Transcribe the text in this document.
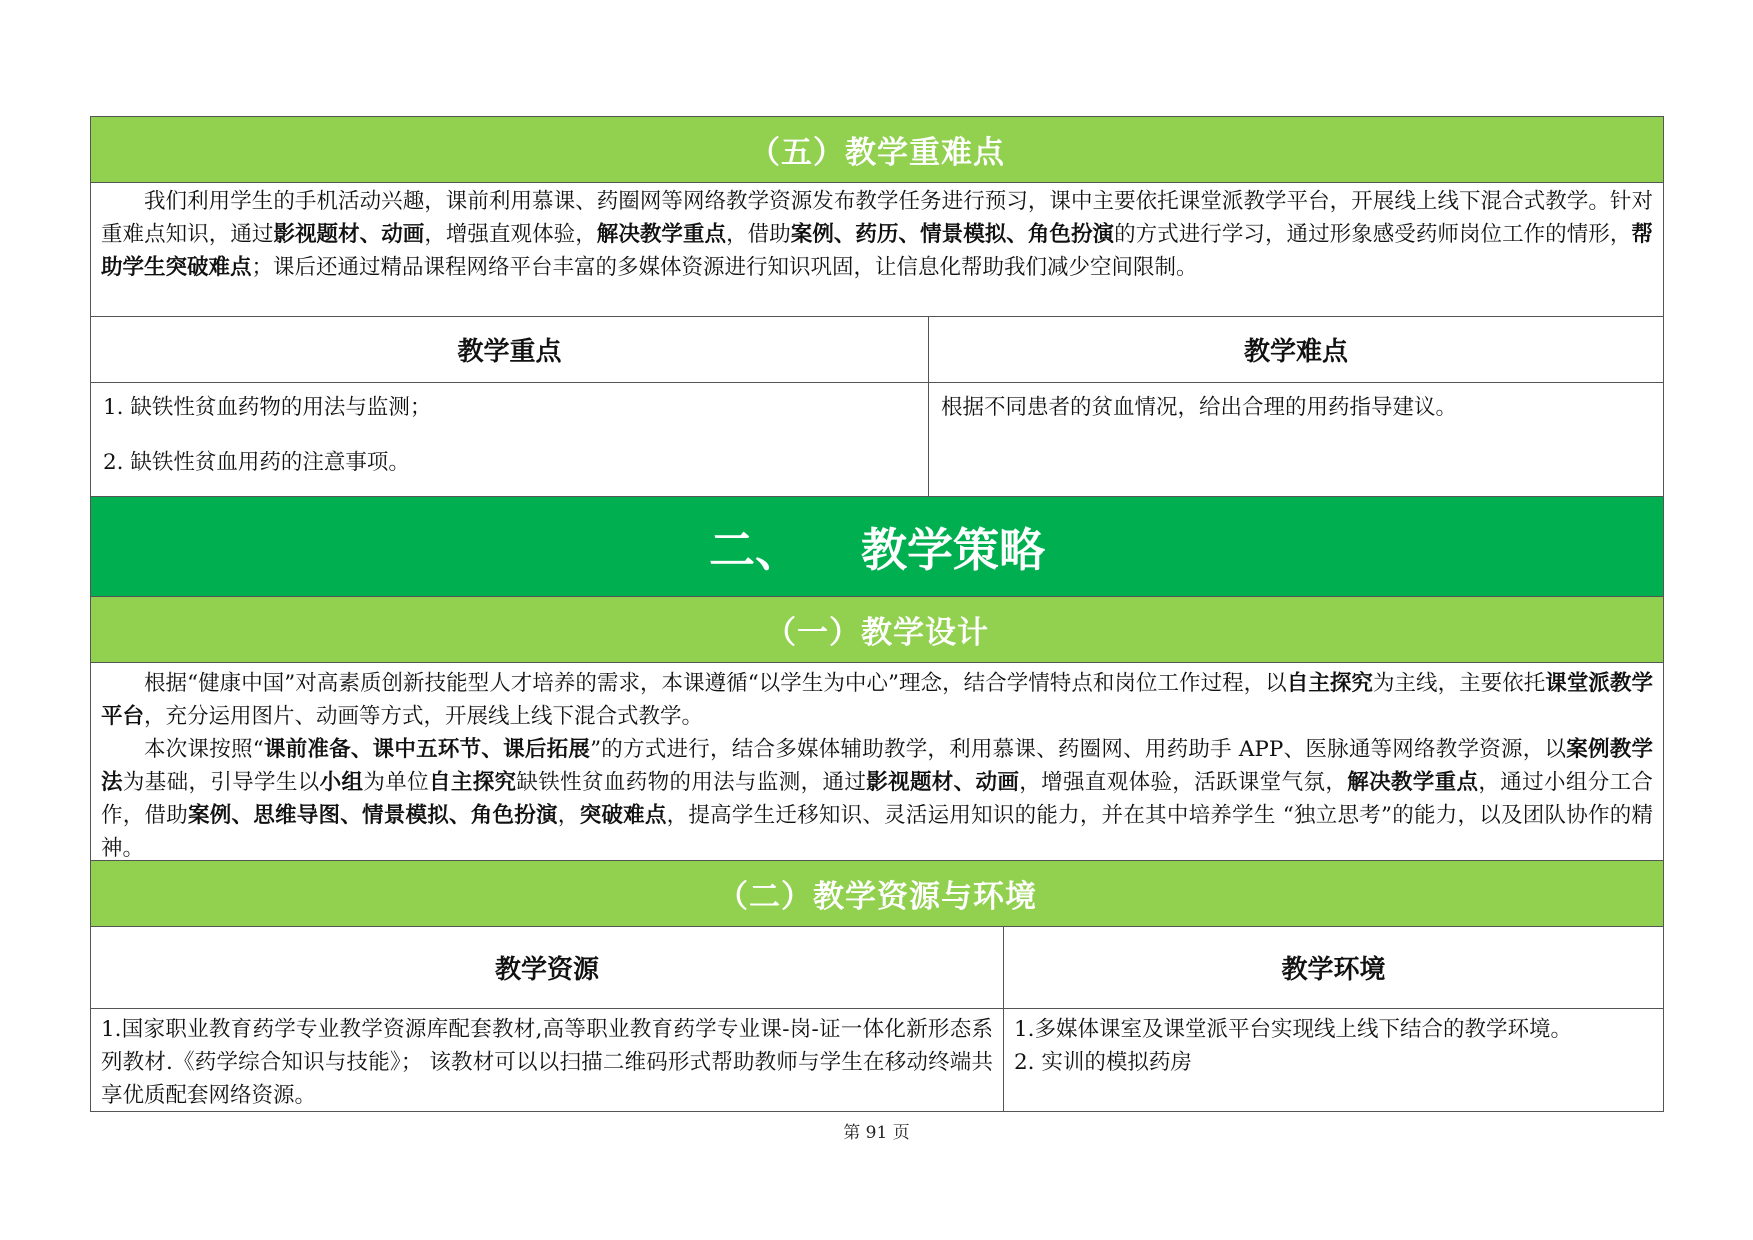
（五）教学重难点

我们利用学生的手机活动兴趣，课前利用慕课、药圈网等网络教学资源发布教学任务进行预习，课中主要依托课堂派教学平台，开展线上线下混合式教学。针对重难点知识，通过影视题材、动画，增强直观体验，解决教学重点，借助案例、药历、情景模拟、角色扮演的方式进行学习，通过形象感受药师岗位工作的情形，帮助学生突破难点；课后还通过精品课程网络平台丰富的多媒体资源进行知识巩固，让信息化帮助我们减少空间限制。

教学重点	教学难点
1. 缺铁性贫血药物的用法与监测；
2. 缺铁性贫血用药的注意事项。
根据不同患者的贫血情况，给出合理的用药指导建议。
二、 教学策略
（一）教学设计

根据“健康中国”对高素质创新技能型人才培养的需求，本课遵循“以学生为中心”理念，结合学情特点和岗位工作过程，以自主探究为主线，主要依托课堂派教学平台，充分运用图片、动画等方式，开展线上线下混合式教学。

本次课按照“课前准备、课中五环节、课后拓展”的方式进行，结合多媒体辅助教学，利用慕课、药圈网、用药助手 APP、医脉通等网络教学资源，以案例教学法为基础，引导学生以小组为单位自主探究缺铁性贫血药物的用法与监测，通过影视题材、动画，增强直观体验，活跃课堂气氛，解决教学重点，通过小组分工合作，借助案例、思维导图、情景模拟、角色扮演，突破难点，提高学生迁移知识、灵活运用知识的能力，并在其中培养学生 “独立思考”的能力，以及团队协作的精神。

（二）教学资源与环境
教学资源	教学环境
1.国家职业教育药学专业教学资源库配套教材,高等职业教育药学专业课-岗-证一体化新形态系列教材.《药学综合知识与技能》； 该教材可以以扫描二维码形式帮助教师与学生在移动终端共享优质配套网络资源。
1.多媒体课室及课堂派平台实现线上线下结合的教学环境。
2. 实训的模拟药房
第 91 页
